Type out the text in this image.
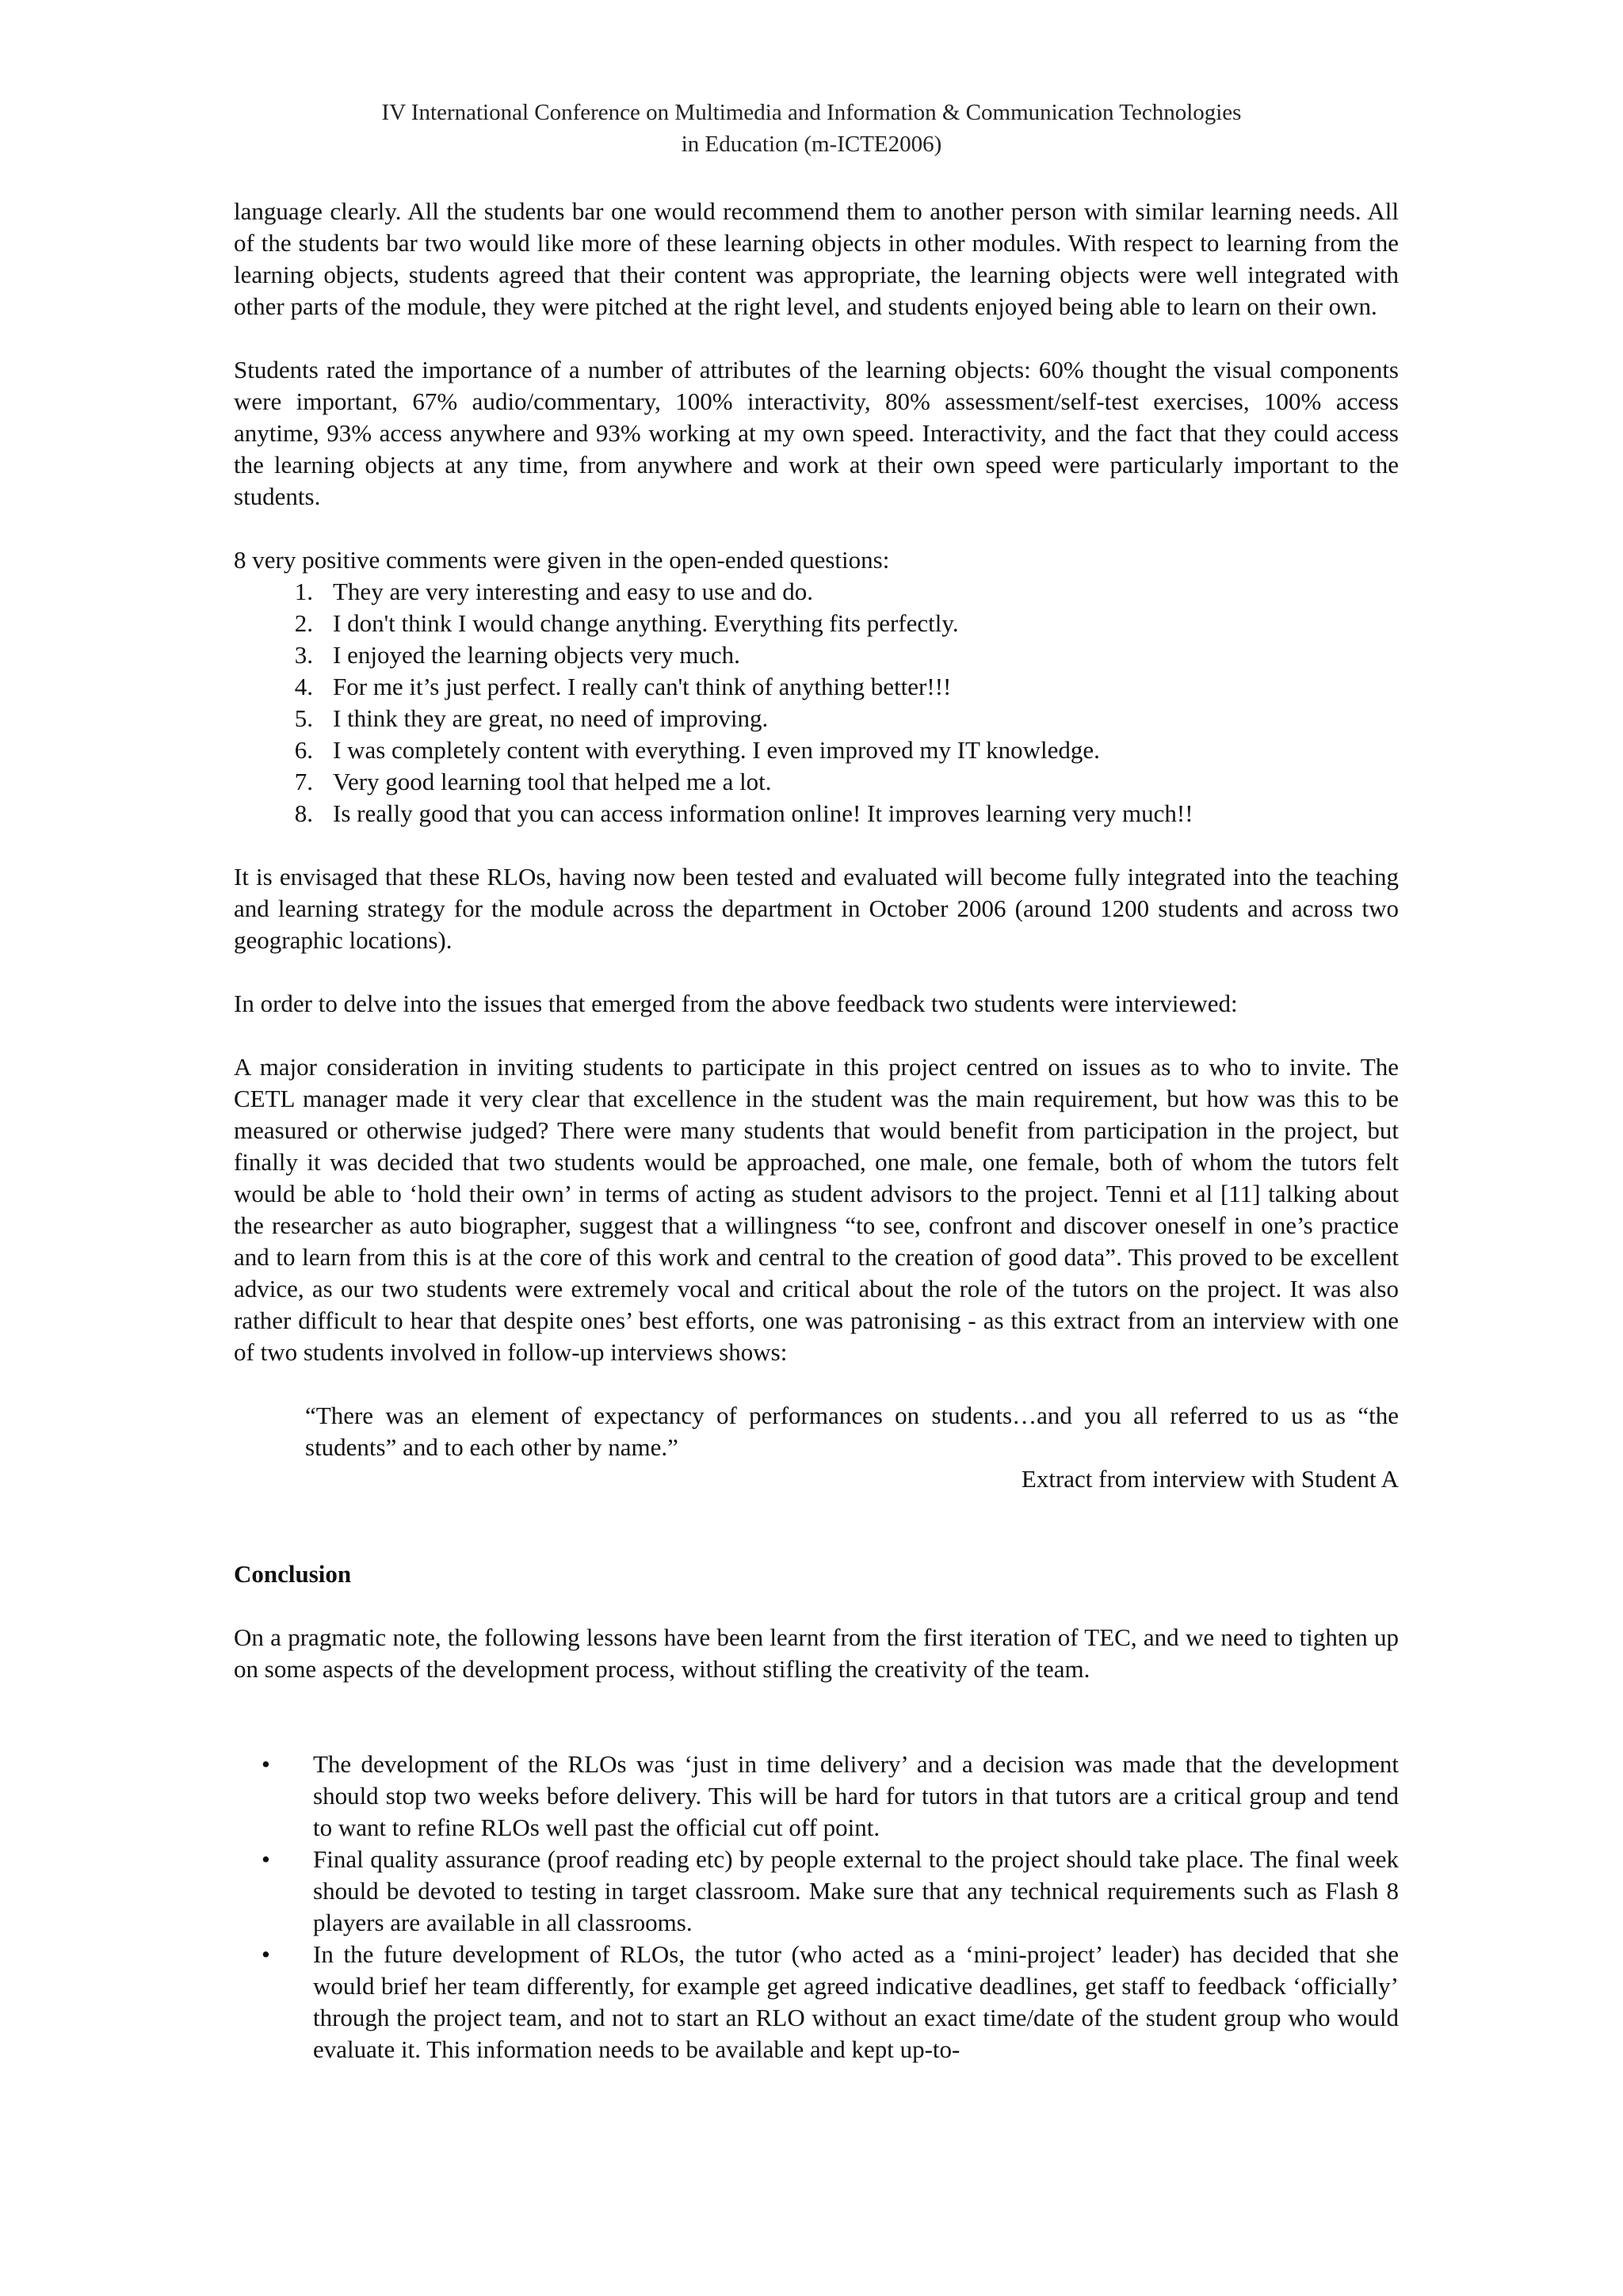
IV International Conference on Multimedia and Information & Communication Technologies
in Education (m-ICTE2006)

language clearly. All the students bar one would recommend them to another person with similar learning needs. All of the students bar two would like more of these learning objects in other modules. With respect to learning from the learning objects, students agreed that their content was appropriate, the learning objects were well integrated with other parts of the module, they were pitched at the right level, and students enjoyed being able to learn on their own.

Students rated the importance of a number of attributes of the learning objects: 60% thought the visual components were important, 67% audio/commentary, 100% interactivity, 80% assessment/self-test exercises, 100% access anytime, 93% access anywhere and 93% working at my own speed. Interactivity, and the fact that they could access the learning objects at any time, from anywhere and work at their own speed were particularly important to the students.

8 very positive comments were given in the open-ended questions:

1. They are very interesting and easy to use and do.
2. I don't think I would change anything. Everything fits perfectly.
3. I enjoyed the learning objects very much.
4. For me it’s just perfect. I really can't think of anything better!!!
5. I think they are great, no need of improving.
6. I was completely content with everything. I even improved my IT knowledge.
7. Very good learning tool that helped me a lot.
8. Is really good that you can access information online! It improves learning very much!!

It is envisaged that these RLOs, having now been tested and evaluated will become fully integrated into the teaching and learning strategy for the module across the department in October 2006 (around 1200 students and across two geographic locations).

In order to delve into the issues that emerged from the above feedback two students were interviewed:

A major consideration in inviting students to participate in this project centred on issues as to who to invite. The CETL manager made it very clear that excellence in the student was the main requirement, but how was this to be measured or otherwise judged? There were many students that would benefit from participation in the project, but finally it was decided that two students would be approached, one male, one female, both of whom the tutors felt would be able to ‘hold their own’ in terms of acting as student advisors to the project. Tenni et al [11] talking about the researcher as auto biographer, suggest that a willingness “to see, confront and discover oneself in one’s practice and to learn from this is at the core of this work and central to the creation of good data”. This proved to be excellent advice, as our two students were extremely vocal and critical about the role of the tutors on the project. It was also rather difficult to hear that despite ones’ best efforts, one was patronising - as this extract from an interview with one of two students involved in follow-up interviews shows:

“There was an element of expectancy of performances on students…and you all referred to us as “the students” and to each other by name.”

Extract from interview with Student A

Conclusion

On a pragmatic note, the following lessons have been learnt from the first iteration of TEC, and we need to tighten up on some aspects of the development process, without stifling the creativity of the team.

• The development of the RLOs was ‘just in time delivery’ and a decision was made that the development should stop two weeks before delivery. This will be hard for tutors in that tutors are a critical group and tend to want to refine RLOs well past the official cut off point.
• Final quality assurance (proof reading etc) by people external to the project should take place. The final week should be devoted to testing in target classroom. Make sure that any technical requirements such as Flash 8 players are available in all classrooms.
• In the future development of RLOs, the tutor (who acted as a ‘mini-project’ leader) has decided that she would brief her team differently, for example get agreed indicative deadlines, get staff to feedback ‘officially’ through the project team, and not to start an RLO without an exact time/date of the student group who would evaluate it. This information needs to be available and kept up-to-
